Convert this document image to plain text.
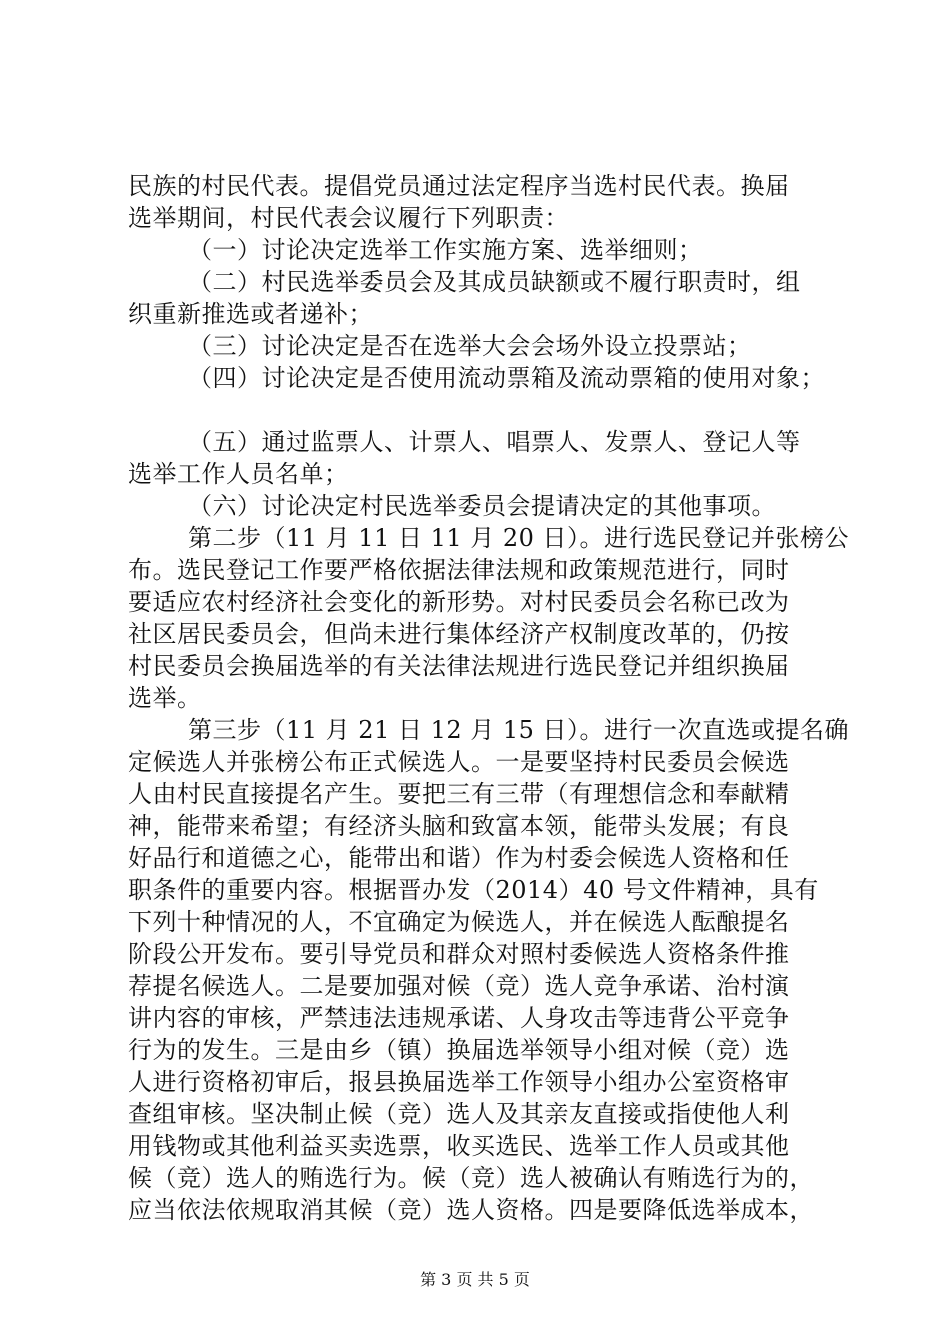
民族的村民代表。提倡党员通过法定程序当选村民代表。换届
选举期间，村民代表会议履行下列职责：
（一）讨论决定选举工作实施方案、选举细则；
（二）村民选举委员会及其成员缺额或不履行职责时，组
织重新推选或者递补；
（三）讨论决定是否在选举大会会场外设立投票站；
（四）讨论决定是否使用流动票箱及流动票箱的使用对象；
（五）通过监票人、计票人、唱票人、发票人、登记人等
选举工作人员名单；
（六）讨论决定村民选举委员会提请决定的其他事项。
第二步（11 月 11 日 11 月 20 日）。进行选民登记并张榜公
布。选民登记工作要严格依据法律法规和政策规范进行，同时
要适应农村经济社会变化的新形势。对村民委员会名称已改为
社区居民委员会，但尚未进行集体经济产权制度改革的，仍按
村民委员会换届选举的有关法律法规进行选民登记并组织换届
选举。
第三步（11 月 21 日 12 月 15 日）。进行一次直选或提名确
定候选人并张榜公布正式候选人。一是要坚持村民委员会候选
人由村民直接提名产生。要把三有三带（有理想信念和奉献精
神，能带来希望；有经济头脑和致富本领，能带头发展；有良
好品行和道德之心，能带出和谐）作为村委会候选人资格和任
职条件的重要内容。根据晋办发（2014）40 号文件精神，具有
下列十种情况的人，不宜确定为候选人，并在候选人酝酿提名
阶段公开发布。要引导党员和群众对照村委候选人资格条件推
荐提名候选人。二是要加强对候（竞）选人竞争承诺、治村演
讲内容的审核，严禁违法违规承诺、人身攻击等违背公平竞争
行为的发生。三是由乡（镇）换届选举领导小组对候（竞）选
人进行资格初审后，报县换届选举工作领导小组办公室资格审
查组审核。坚决制止候（竞）选人及其亲友直接或指使他人利
用钱物或其他利益买卖选票，收买选民、选举工作人员或其他
候（竞）选人的贿选行为。候（竞）选人被确认有贿选行为的，
应当依法依规取消其候（竞）选人资格。四是要降低选举成本，
第 3 页 共 5 页
